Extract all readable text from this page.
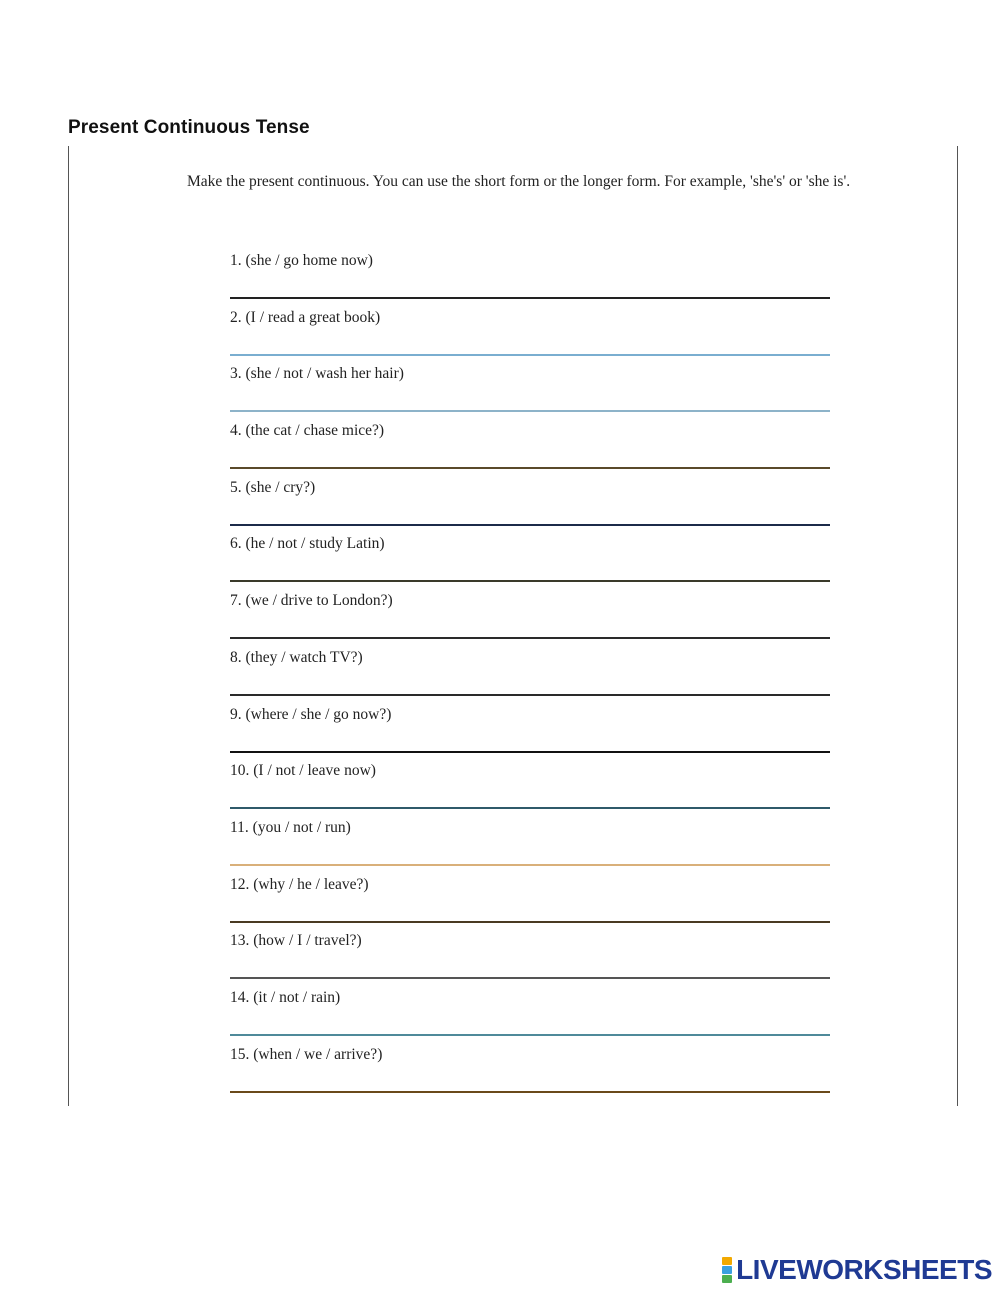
Present Continuous Tense
Make the present continuous. You can use the short form or the longer form. For example, 'she's' or 'she is'.
1. (she / go home now)
2. (I / read a great book)
3. (she / not / wash her hair)
4. (the cat / chase mice?)
5. (she / cry?)
6. (he / not / study Latin)
7. (we / drive to London?)
8. (they / watch TV?)
9. (where / she / go now?)
10. (I / not / leave now)
11. (you / not / run)
12. (why / he / leave?)
13. (how / I / travel?)
14. (it / not / rain)
15. (when / we / arrive?)
LIVEWORKSHEETS
